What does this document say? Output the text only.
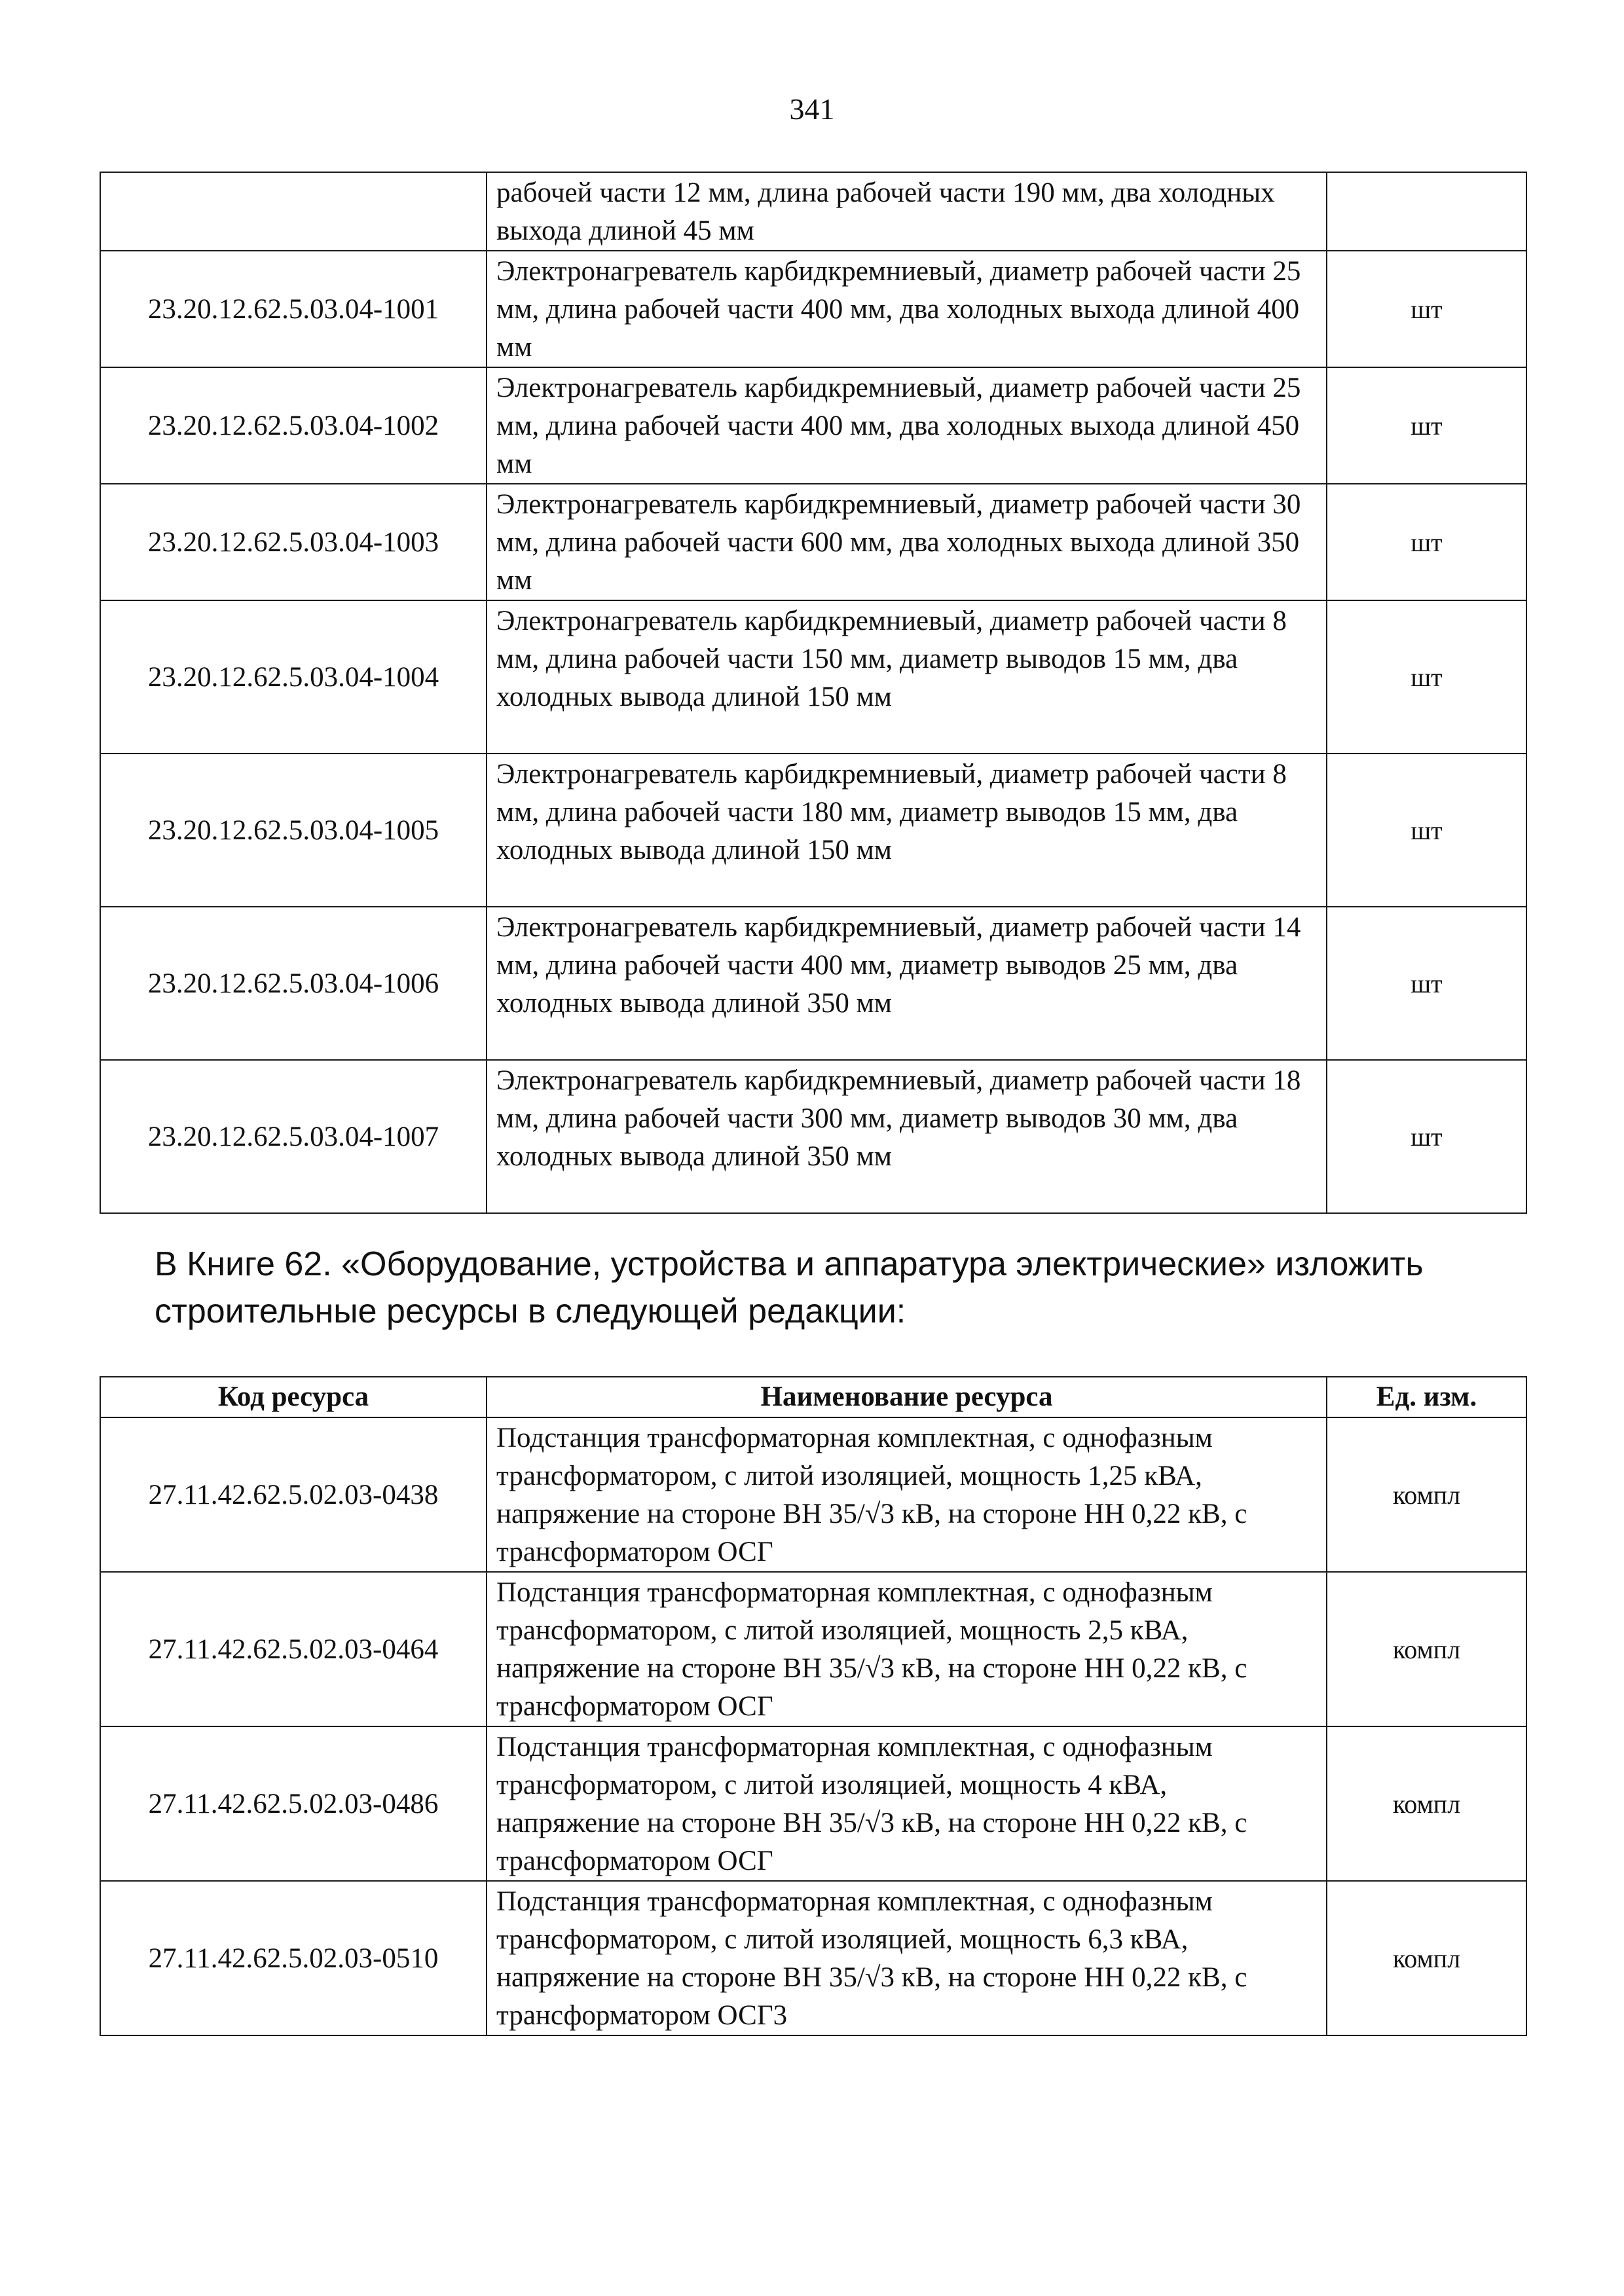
341
	рабочей части 12 мм, длина рабочей части 190 мм, два холодных выхода длиной 45 мм	
23.20.12.62.5.03.04-1001	Электронагреватель карбидкремниевый, диаметр рабочей части 25 мм, длина рабочей части 400 мм, два холодных выхода длиной 400 мм	шт
23.20.12.62.5.03.04-1002	Электронагреватель карбидкремниевый, диаметр рабочей части 25 мм, длина рабочей части 400 мм, два холодных выхода длиной 450 мм	шт
23.20.12.62.5.03.04-1003	Электронагреватель карбидкремниевый, диаметр рабочей части 30 мм, длина рабочей части 600 мм, два холодных выхода длиной 350 мм	шт
23.20.12.62.5.03.04-1004	Электронагреватель карбидкремниевый, диаметр рабочей части 8 мм, длина рабочей части 150 мм, диаметр выводов 15 мм, два холодных вывода длиной 150 мм	шт
23.20.12.62.5.03.04-1005	Электронагреватель карбидкремниевый, диаметр рабочей части 8 мм, длина рабочей части 180 мм, диаметр выводов 15 мм, два холодных вывода длиной 150 мм	шт
23.20.12.62.5.03.04-1006	Электронагреватель карбидкремниевый, диаметр рабочей части 14 мм, длина рабочей части 400 мм, диаметр выводов 25 мм, два холодных вывода длиной 350 мм	шт
23.20.12.62.5.03.04-1007	Электронагреватель карбидкремниевый, диаметр рабочей части 18 мм, длина рабочей части 300 мм, диаметр выводов 30 мм, два холодных вывода длиной 350 мм	шт

В Книге 62. «Оборудование, устройства и аппаратура электрические» изложить строительные ресурсы в следующей редакции:

Код ресурса	Наименование ресурса	Ед. изм.
27.11.42.62.5.02.03-0438	Подстанция трансформаторная комплектная, с однофазным трансформатором, с литой изоляцией, мощность 1,25 кВА, напряжение на стороне ВН 35/√3 кВ, на стороне НН 0,22 кВ, с трансформатором ОСГ	компл
27.11.42.62.5.02.03-0464	Подстанция трансформаторная комплектная, с однофазным трансформатором, с литой изоляцией, мощность 2,5 кВА, напряжение на стороне ВН 35/√3 кВ, на стороне НН 0,22 кВ, с трансформатором ОСГ	компл
27.11.42.62.5.02.03-0486	Подстанция трансформаторная комплектная, с однофазным трансформатором, с литой изоляцией, мощность 4 кВА, напряжение на стороне ВН 35/√3 кВ, на стороне НН 0,22 кВ, с трансформатором ОСГ	компл
27.11.42.62.5.02.03-0510	Подстанция трансформаторная комплектная, с однофазным трансформатором, с литой изоляцией, мощность 6,3 кВА, напряжение на стороне ВН 35/√3 кВ, на стороне НН 0,22 кВ, с трансформатором ОСГ3	компл
